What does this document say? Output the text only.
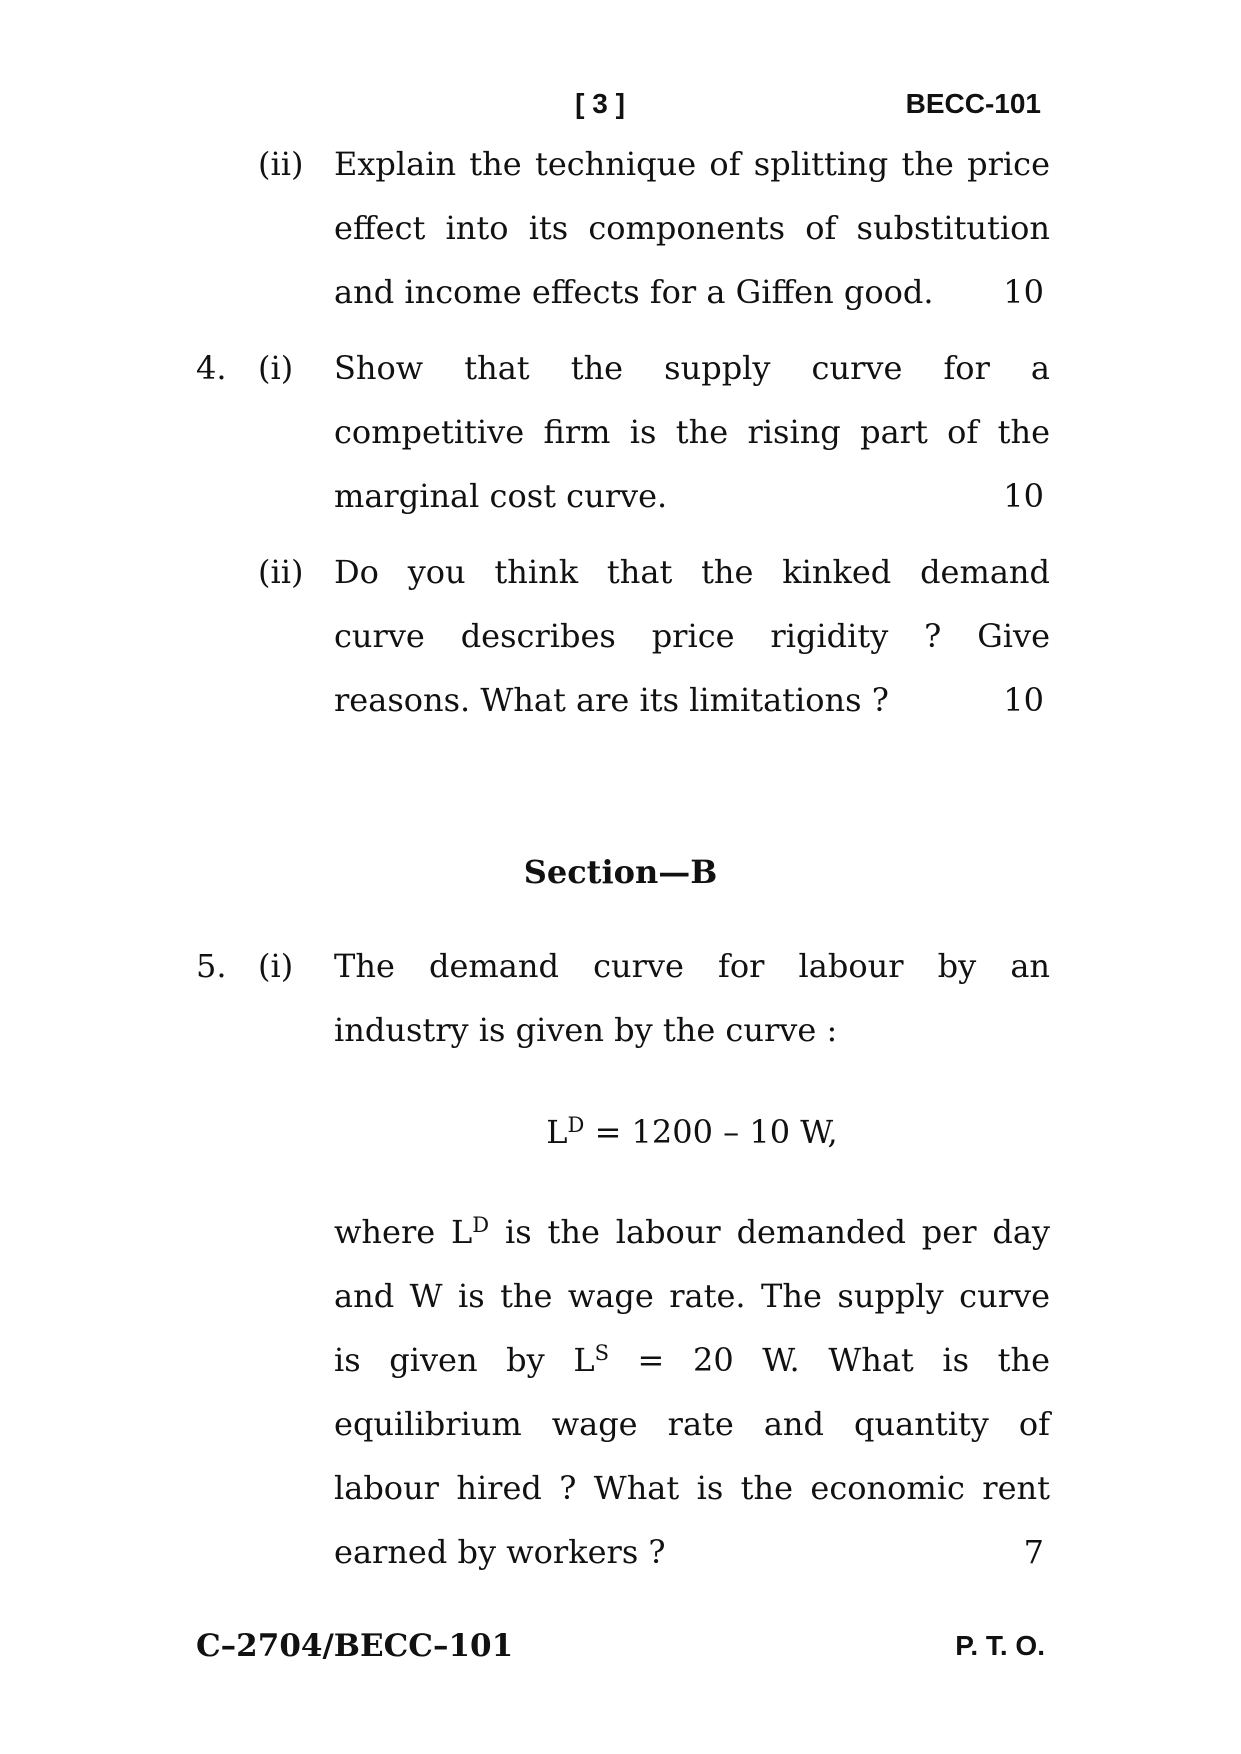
[ 3 ]	BECC-101
(ii) Explain the technique of splitting the price
effect into its components of substitution
and income effects for a Giffen good. 10
4. (i) Show that the supply curve for a
competitive firm is the rising part of the
marginal cost curve.	10
(ii) Do you think that the kinked demand
curve describes price rigidity ? Give
reasons. What are its limitations ?	10
Section—B
5. (i) The demand curve for labour by an
industry is given by the curve :
$L^D = 1200 - 10$ W,
where $L^D$ is the labour demanded per day
and W is the wage rate. The supply curve
is given by $L^S = 20$ W. What is the
equilibrium wage rate and quantity of
labour hired ? What is the economic rent
earned by workers ?	7
C–2704/BECC–101	P. T. O.
